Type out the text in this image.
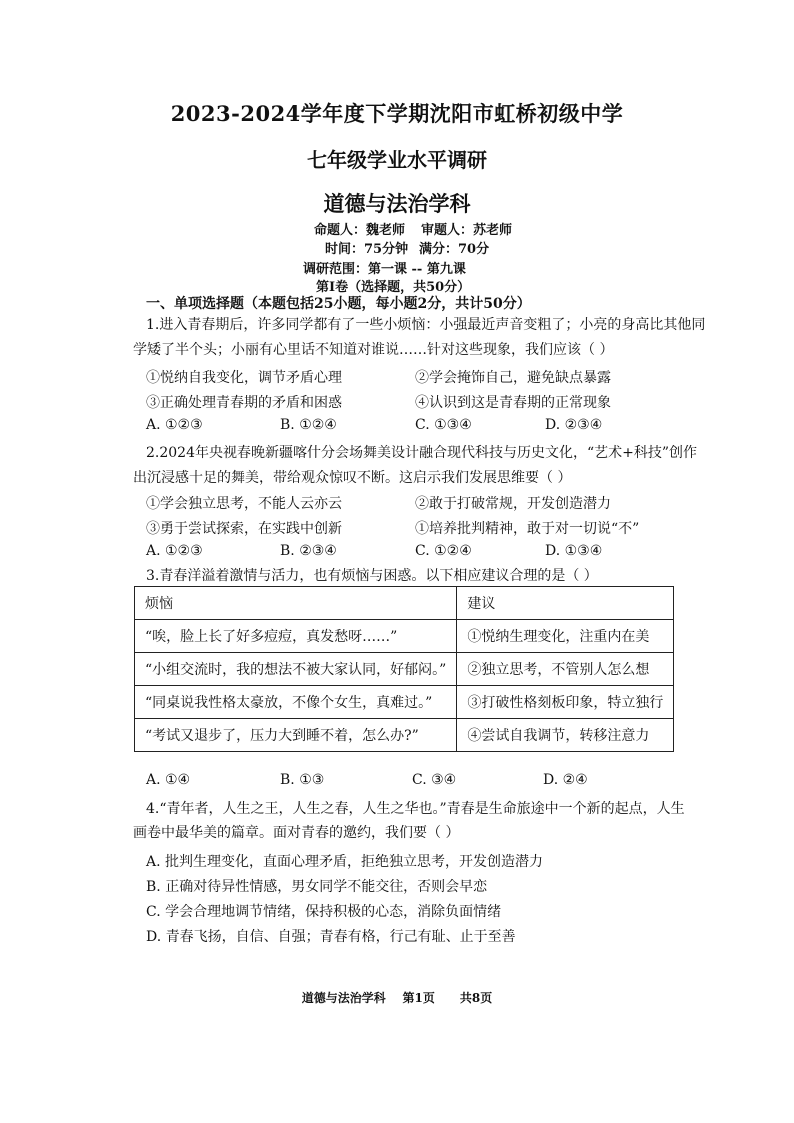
2023-2024学年度下学期沈阳市虹桥初级中学
七年级学业水平调研
道德与法治学科
命题人：魏老师 审题人：苏老师
时间：75分钟 满分：70分
调研范围：第一课 -- 第九课
第Ⅰ卷（选择题，共50分）
一、单项选择题（本题包括25小题，每小题2分，共计50分）
1.进入青春期后，许多同学都有了一些小烦恼：小强最近声音变粗了；小亮的身高比其他同
学矮了半个头；小丽有心里话不知道对谁说……针对这些现象，我们应该（ ）
①悦纳自我变化，调节矛盾心理	②学会掩饰自己，避免缺点暴露
③正确处理青春期的矛盾和困惑	④认识到这是青春期的正常现象
A. ①②③	B. ①②④	C. ①③④	D. ②③④
2.2024年央视春晚新疆喀什分会场舞美设计融合现代科技与历史文化，“艺术+科技”创作
出沉浸感十足的舞美，带给观众惊叹不断。这启示我们发展思维要（ ）
①学会独立思考，不能人云亦云	②敢于打破常规，开发创造潜力
③勇于尝试探索，在实践中创新	①培养批判精神，敢于对一切说“不”
A. ①②③	B. ②③④	C. ①②④	D. ①③④
3.青春洋溢着激情与活力，也有烦恼与困惑。以下相应建议合理的是（ ）
烦恼	建议
“唉，脸上长了好多痘痘，真发愁呀……”	①悦纳生理变化，注重内在美
“小组交流时，我的想法不被大家认同，好郁闷。”	②独立思考，不管别人怎么想
“同桌说我性格太豪放，不像个女生，真难过。”	③打破性格刻板印象，特立独行
“考试又退步了，压力大到睡不着，怎么办?”	④尝试自我调节，转移注意力
A. ①④	B. ①③	C. ③④	D. ②④
4.“青年者，人生之王，人生之春，人生之华也。”青春是生命旅途中一个新的起点，人生
画卷中最华美的篇章。面对青春的邀约，我们要（ ）
A. 批判生理变化，直面心理矛盾，拒绝独立思考，开发创造潜力
B. 正确对待异性情感，男女同学不能交往，否则会早恋
C. 学会合理地调节情绪，保持积极的心态，消除负面情绪
D. 青春飞扬，自信、自强；青春有格，行己有耻、止于至善
道德与法治学科 第1页 共8页
